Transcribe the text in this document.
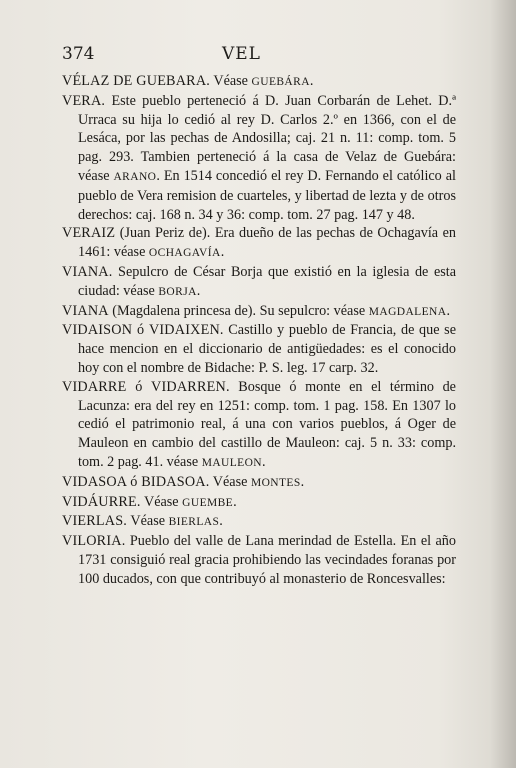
374	VEL

VÉLAZ DE GUEBARA. Véase GUEBÁRA.

VERA. Este pueblo perteneció á D. Juan Corbarán de Lehet. D.ª Urraca su hija lo cedió al rey D. Carlos 2.º en 1366, con el de Lesáca, por las pechas de Andosilla; caj. 21 n. 11: comp. tom. 5 pag. 293. Tambien perteneció á la casa de Velaz de Guebára: véase ARANO. En 1514 concedió el rey D. Fernando el católico al pueblo de Vera remision de cuarteles, y libertad de lezta y de otros derechos: caj. 168 n. 34 y 36: comp. tom. 27 pag. 147 y 48.

VERAIZ (Juan Periz de). Era dueño de las pechas de Ochagavía en 1461: véase OCHAGAVÍA.

VIANA. Sepulcro de César Borja que existió en la iglesia de esta ciudad: véase BORJA.

VIANA (Magdalena princesa de). Su sepulcro: véase MAGDALENA.

VIDAISON ó VIDAIXEN. Castillo y pueblo de Francia, de que se hace mencion en el diccionario de antigüedades: es el conocido hoy con el nombre de Bidache: P. S. leg. 17 carp. 32.

VIDARRE ó VIDARREN. Bosque ó monte en el término de Lacunza: era del rey en 1251: comp. tom. 1 pag. 158. En 1307 lo cedió el patrimonio real, á una con varios pueblos, á Oger de Mauleon en cambio del castillo de Mauleon: caj. 5 n. 33: comp. tom. 2 pag. 41. véase MAULEON.

VIDASOA ó BIDASOA. Véase MONTES.

VIDÁURRE. Véase GUEMBE.

VIERLAS. Véase BIERLAS.

VILORIA. Pueblo del valle de Lana merindad de Estella. En el año 1731 consiguió real gracia prohibiendo las vecindades foranas por 100 ducados, con que contribuyó al monasterio de Roncesvalles:
